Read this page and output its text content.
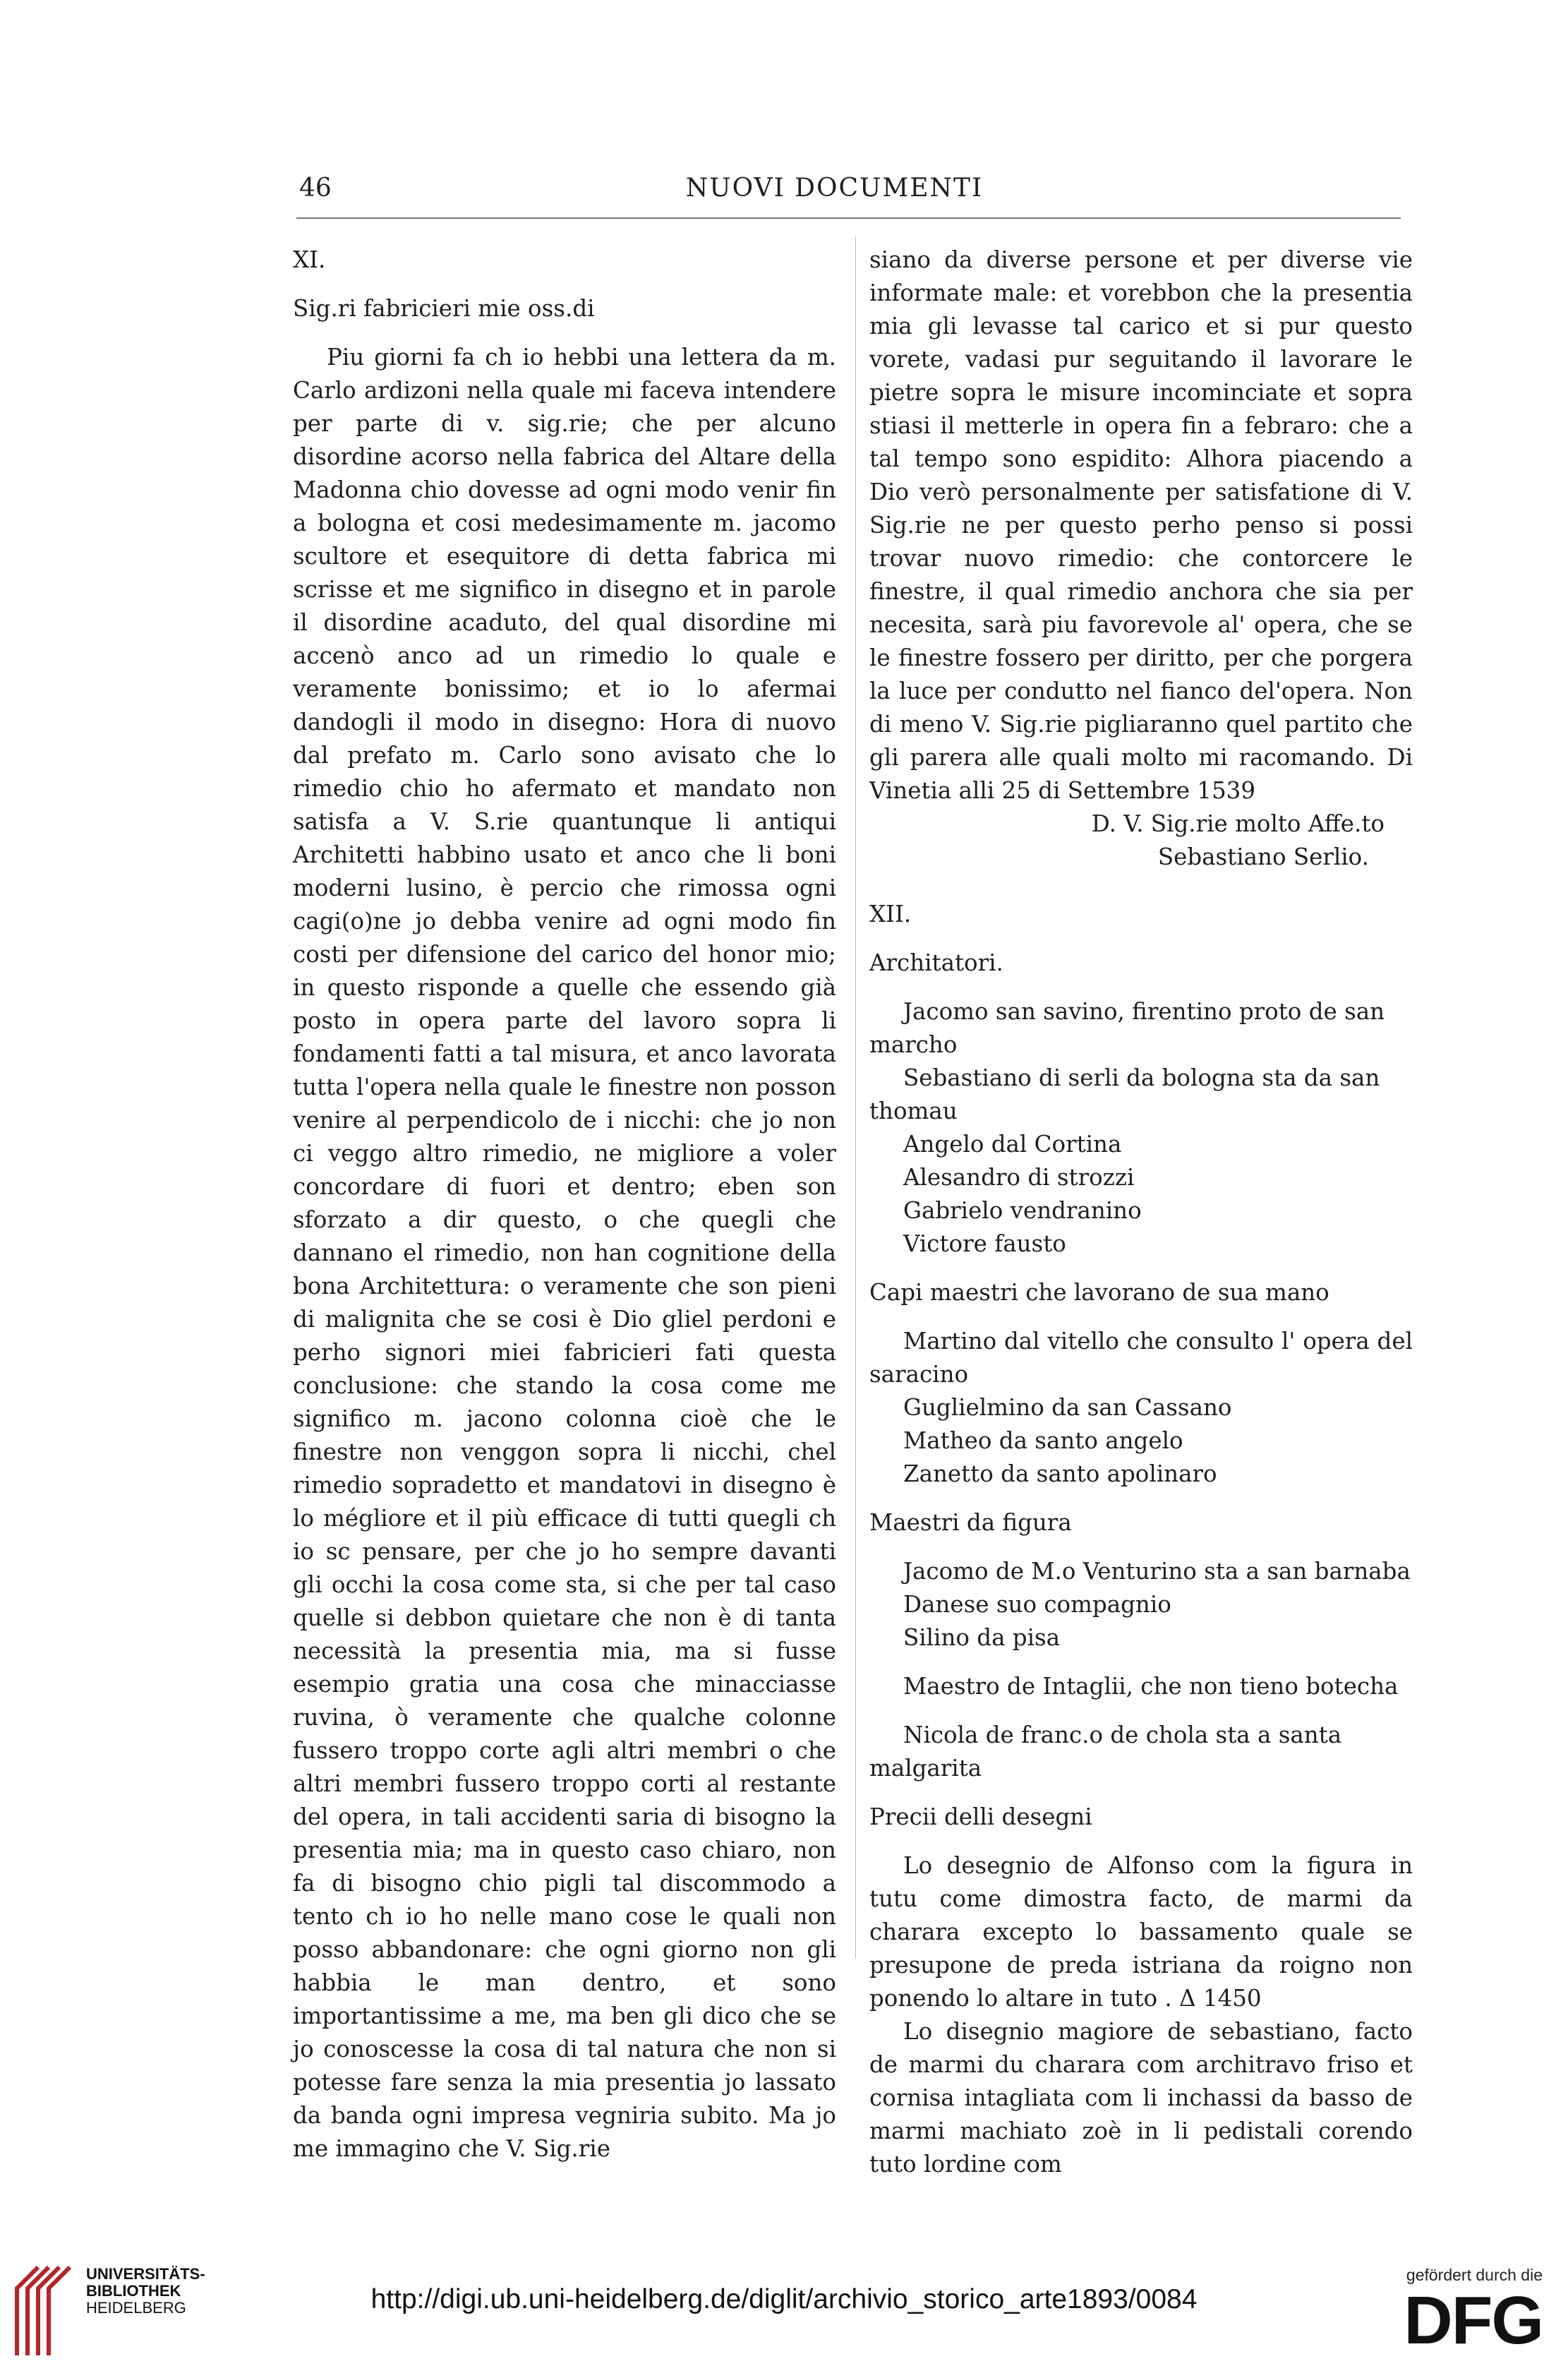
46	NUOVI DOCUMENTI

XI.

Sig.ri fabricieri mie oss.di

Piu giorni fa ch io hebbi una lettera da m. Carlo ardizoni nella quale mi faceva intendere per parte di v. sig.rie; che per alcuno disordine acorso nella fabrica del Altare della Madonna chio dovesse ad ogni modo venir fin a bologna et cosi medesimamente m. jacomo scultore et esequitore di detta fabrica mi scrisse et me significo in disegno et in parole il disordine acaduto, del qual disordine mi accenò anco ad un rimedio lo quale e veramente bonissimo; et io lo afermai dandogli il modo in disegno: Hora di nuovo dal prefato m. Carlo sono avisato che lo rimedio chio ho afermato et mandato non satisfa a V. S.rie quantunque li antiqui Architetti habbino usato et anco che li boni moderni lusino, è percio che rimossa ogni cagi(o)ne jo debba venire ad ogni modo fin costi per difensione del carico del honor mio; in questo risponde a quelle che essendo già posto in opera parte del lavoro sopra li fondamenti fatti a tal misura, et anco lavorata tutta l'opera nella quale le finestre non posson venire al perpendicolo de i nicchi: che jo non ci veggo altro rimedio, ne migliore a voler concordare di fuori et dentro; eben son sforzato a dir questo, o che quegli che dannano el rimedio, non han cognitione della bona Architettura: o veramente che son pieni di malignita che se cosi è Dio gliel perdoni e perho signori miei fabricieri fati questa conclusione: che stando la cosa come me significo m. jacono colonna cioè che le finestre non venggon sopra li nicchi, chel rimedio sopradetto et mandatovi in disegno è lo mégliore et il più efficace di tutti quegli ch io sc pensare, per che jo ho sempre davanti gli occhi la cosa come sta, si che per tal caso quelle si debbon quietare che non è di tanta necessità la presentia mia, ma si fusse esempio gratia una cosa che minacciasse ruvina, ò veramente che qualche colonne fussero troppo corte agli altri membri o che altri membri fussero troppo corti al restante del opera, in tali accidenti saria di bisogno la presentia mia; ma in questo caso chiaro, non fa di bisogno chio pigli tal discommodo a tento ch io ho nelle mano cose le quali non posso abbandonare: che ogni giorno non gli habbia le man dentro, et sono importantissime a me, ma ben gli dico che se jo conoscesse la cosa di tal natura che non si potesse fare senza la mia presentia jo lassato da banda ogni impresa vegniria subito. Ma jo me immagino che V. Sig.rie

siano da diverse persone et per diverse vie informate male: et vorebbon che la presentia mia gli levasse tal carico et si pur questo vorete, vadasi pur seguitando il lavorare le pietre sopra le misure incominciate et sopra stiasi il metterle in opera fin a febraro: che a tal tempo sono espidito: Alhora piacendo a Dio verò personalmente per satisfatione di V. Sig.rie ne per questo perho penso si possi trovar nuovo rimedio: che contorcere le finestre, il qual rimedio anchora che sia per necesita, sarà piu favorevole al' opera, che se le finestre fossero per diritto, per che porgera la luce per condutto nel fianco del'opera. Non di meno V. Sig.rie pigliaranno quel partito che gli parera alle quali molto mi racomando. Di Vinetia alli 25 di Settembre 1539

D. V. Sig.rie molto Affe.to

Sebastiano Serlio.

XII.

Architatori.

Jacomo san savino, firentino proto de san marcho

Sebastiano di serli da bologna sta da san thomau

Angelo dal Cortina

Alesandro di strozzi

Gabrielo vendranino

Victore fausto

Capi maestri che lavorano de sua mano

Martino dal vitello che consulto l' opera del saracino

Guglielmino da san Cassano

Matheo da santo angelo

Zanetto da santo apolinaro

Maestri da figura

Jacomo de M.o Venturino sta a san barnaba

Danese suo compagnio

Silino da pisa

Maestro de Intaglii, che non tieno botecha

Nicola de franc.o de chola sta a santa malgarita

Precii delli desegni

Lo desegnio de Alfonso com la figura in tutu come dimostra facto, de marmi da charara excepto lo bassamento quale se presupone de preda istriana da roigno non ponendo lo altare in tuto . Δ 1450

Lo disegnio magiore de sebastiano, facto de marmi du charara com architravo friso et cornisa intagliata com li inchassi da basso de marmi machiato zoè in li pedistali corendo tuto lordine com

UNIVERSITÄTS-
BIBLIOTHEK
HEIDELBERG	http://digi.ub.uni-heidelberg.de/diglit/archivio_storico_arte1893/0084
gefördert durch die
DFG
